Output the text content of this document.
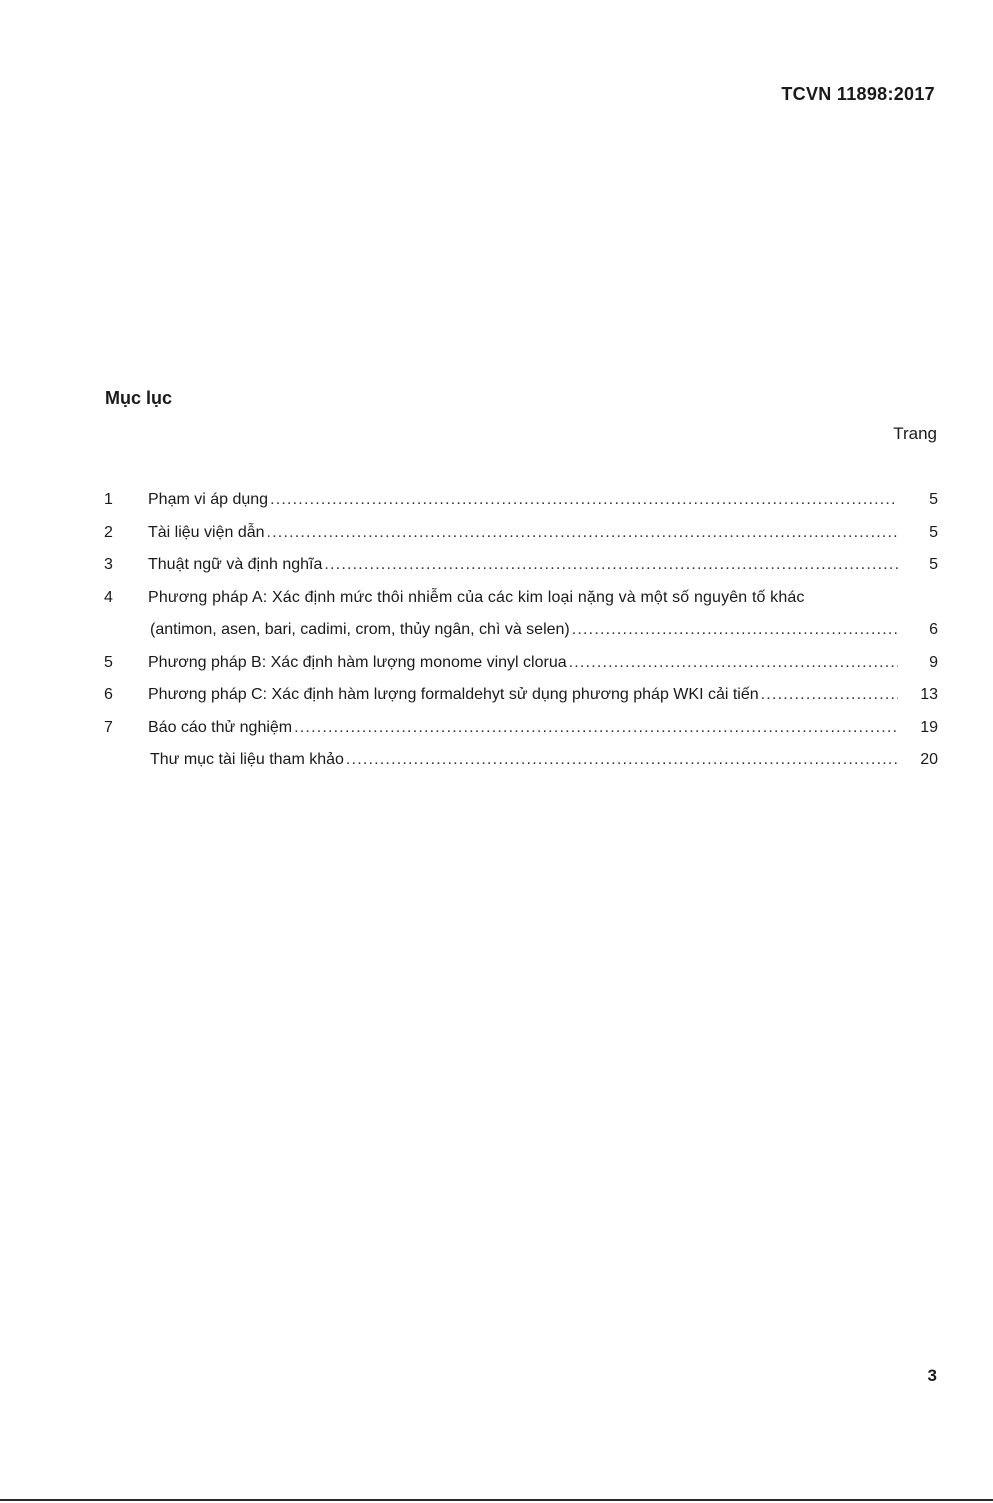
TCVN 11898:2017
Mục lục
Trang
1	Phạm vi áp dụng .....	5
2	Tài liệu viện dẫn .....	5
3	Thuật ngữ và định nghĩa .....	5
4	Phương pháp A: Xác định mức thôi nhiễm của các kim loại nặng và một số nguyên tố khác
(antimon, asen, bari, cadimi, crom, thủy ngân, chì và selen) .....	6
5	Phương pháp B: Xác định hàm lượng monome vinyl clorua .....	9
6	Phương pháp C: Xác định hàm lượng formaldehyt sử dụng phương pháp WKI cải tiến .....	13
7	Báo cáo thử nghiệm .....	19
Thư mục tài liệu tham khảo .....	20
3
